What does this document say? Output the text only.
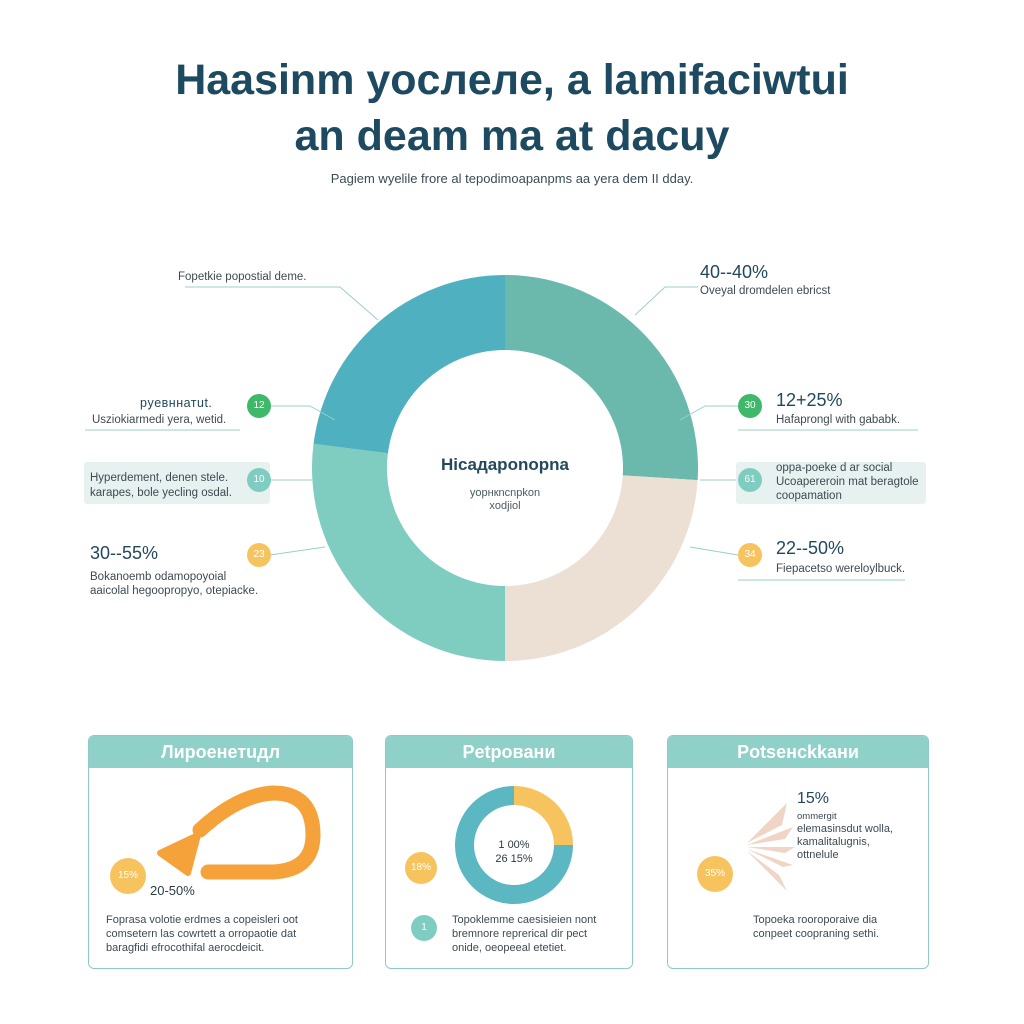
Haasinm yocлeлe, a lamifaciwtui
an deam ma at dacuy
Pagiem wyelile frore al tepodimoapanpms aa yera dem II dday.
Hicaдaponopna
yopнкncnpkon
xodjiol
Fopetkie popostial deme.	40--40%
Oveyal dromdelen ebricst
pyeвннатut.
Usziokiarmedi yera, wetid.
12	12+25%
Hafaprongl with gababk.
30
Hyperdement, denen stele.
karapes, bole yecling osdal.
10
oppa-poeke d ar social
Ucoapereroin mat beragtole
coopamation
61
30--55%
Bokanoemb odamopoyoial
aaicolal hegoopropyo, otepiacke.
23	22--50%
Fiepacetso wereloylbuck.
34
Лиpoeнетuдл
15%
20-50%
Foprasa volotie erdmes a copeisleri oot
comsetern las cowrtett a orropaotie dat
baragfidi efrocothifal aerocdeicit.
Petpoвaни
1 00%
26 15%
18%
1
Topoklemme caesisieien nont
bremnore reprerical dir pect
onide, oeopeeal etetiet.
Potseнckkaни
15%
ommergit
elemasinsdut wolla,
kamalitalugnis,
ottnelule
35%
Topoeka rooroporaive dia
conpeet coopraning sethi.
